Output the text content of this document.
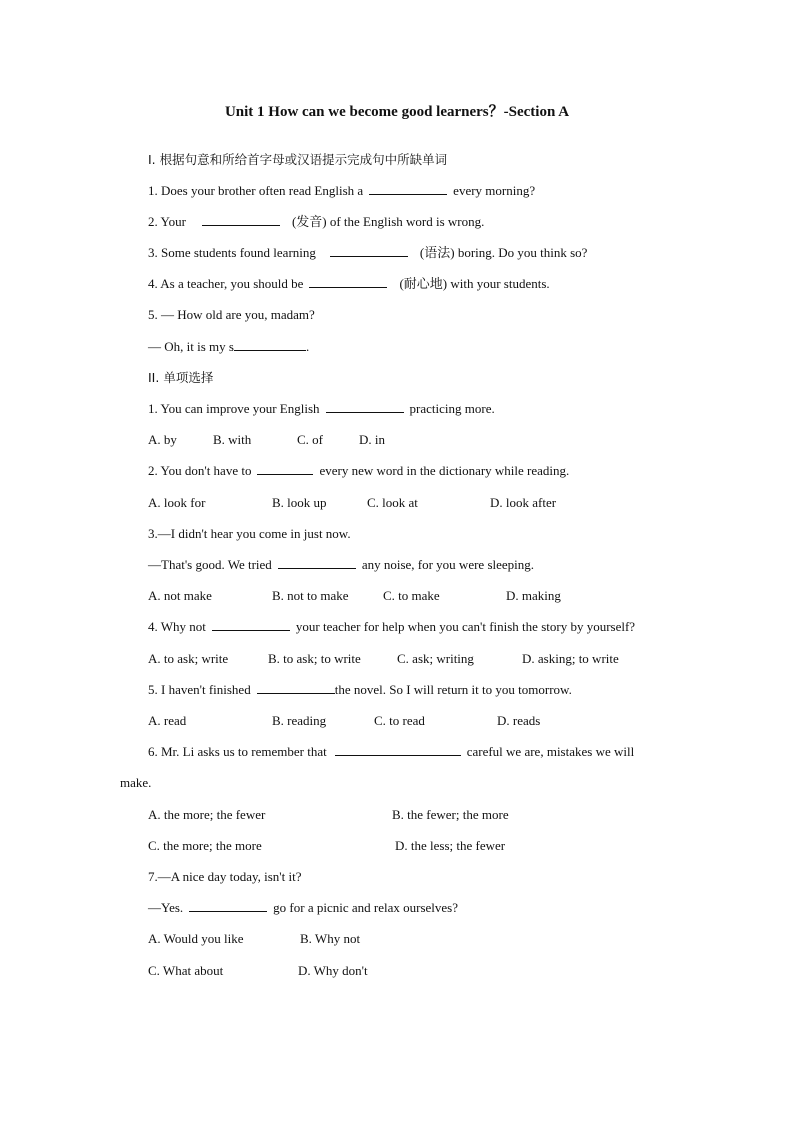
Unit 1 How can we become good learners？-Section A
I. 根据句意和所给首字母或汉语提示完成句中所缺单词
1. Does your brother often read English a	every morning?
2. Your	(发音) of the English word is wrong.
3. Some students found learning	(语法) boring. Do you think so?
4. As a teacher, you should be	(耐心地) with your students.
5. — How old are you, madam?
— Oh, it is my s	.
II. 单项选择
1. You can improve your English	practicing more.
A. by	B. with	C. of	D. in
2. You don't have to	every new word in the dictionary while reading.
A. look for	B. look up	C. look at	D. look after
3.—I didn't hear you come in just now.
—That's good. We tried	any noise, for you were sleeping.
A. not make	B. not to make	C. to make	D. making
4. Why not	your teacher for help when you can't finish the story by yourself?
A. to ask; write	B. to ask; to write	C. ask; writing	D. asking; to write
5. I haven't finished	the novel. So I will return it to you tomorrow.
A. read	B. reading	C. to read	D. reads
6. Mr. Li asks us to remember that	careful we are, mistakes we will
make.
A. the more; the fewer	B. the fewer; the more
C. the more; the more	D. the less; the fewer
7.—A nice day today, isn't it?
—Yes.	go for a picnic and relax ourselves?
A. Would you like	B. Why not
C. What about	D. Why don't
